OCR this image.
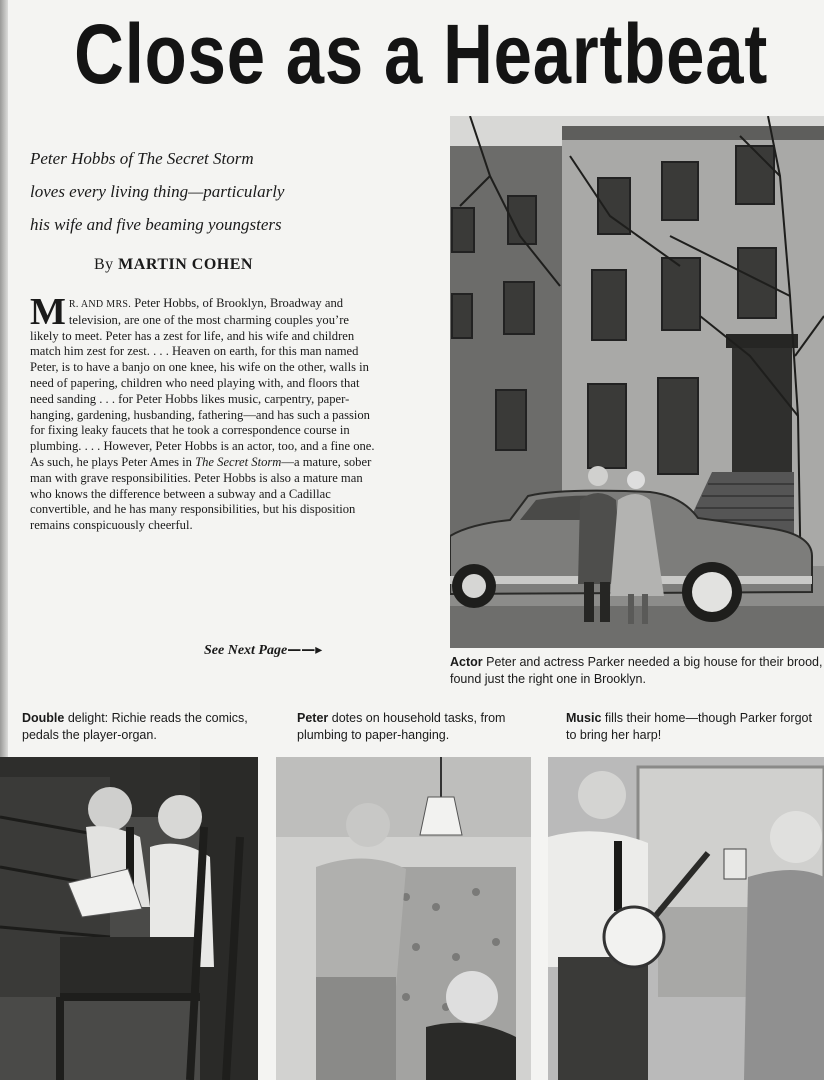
Close as a Heartbeat
Peter Hobbs of The Secret Storm
loves every living thing—particularly
his wife and five beaming youngsters
By MARTIN COHEN
M R. AND MRS. Peter Hobbs, of Brooklyn, Broadway and television, are one of the most charming couples you’re likely to meet. Peter has a zest for life, and his wife and children match him zest for zest. . . . Heaven on earth, for this man named Peter, is to have a banjo on one knee, his wife on the other, walls in need of papering, children who need playing with, and floors that need sanding . . . for Peter Hobbs likes music, carpentry, paper-hanging, gardening, husbanding, fathering—and has such a passion for fixing leaky faucets that he took a correspondence course in plumbing. . . . However, Peter Hobbs is an actor, too, and a fine one. As such, he plays Peter Ames in The Secret Storm—a mature, sober man with grave responsibilities. Peter Hobbs is also a mature man who knows the difference between a subway and a Cadillac convertible, and he has many responsibilities, but his disposition remains conspicuously cheerful.
See Next Page——▸
Actor Peter and actress Parker needed a big house for their brood, found just the right one in Brooklyn.
Double delight: Richie reads the comics, pedals the player-organ.
Peter dotes on household tasks, from plumbing to paper-hanging.
Music fills their home—though Parker forgot to bring her harp!
